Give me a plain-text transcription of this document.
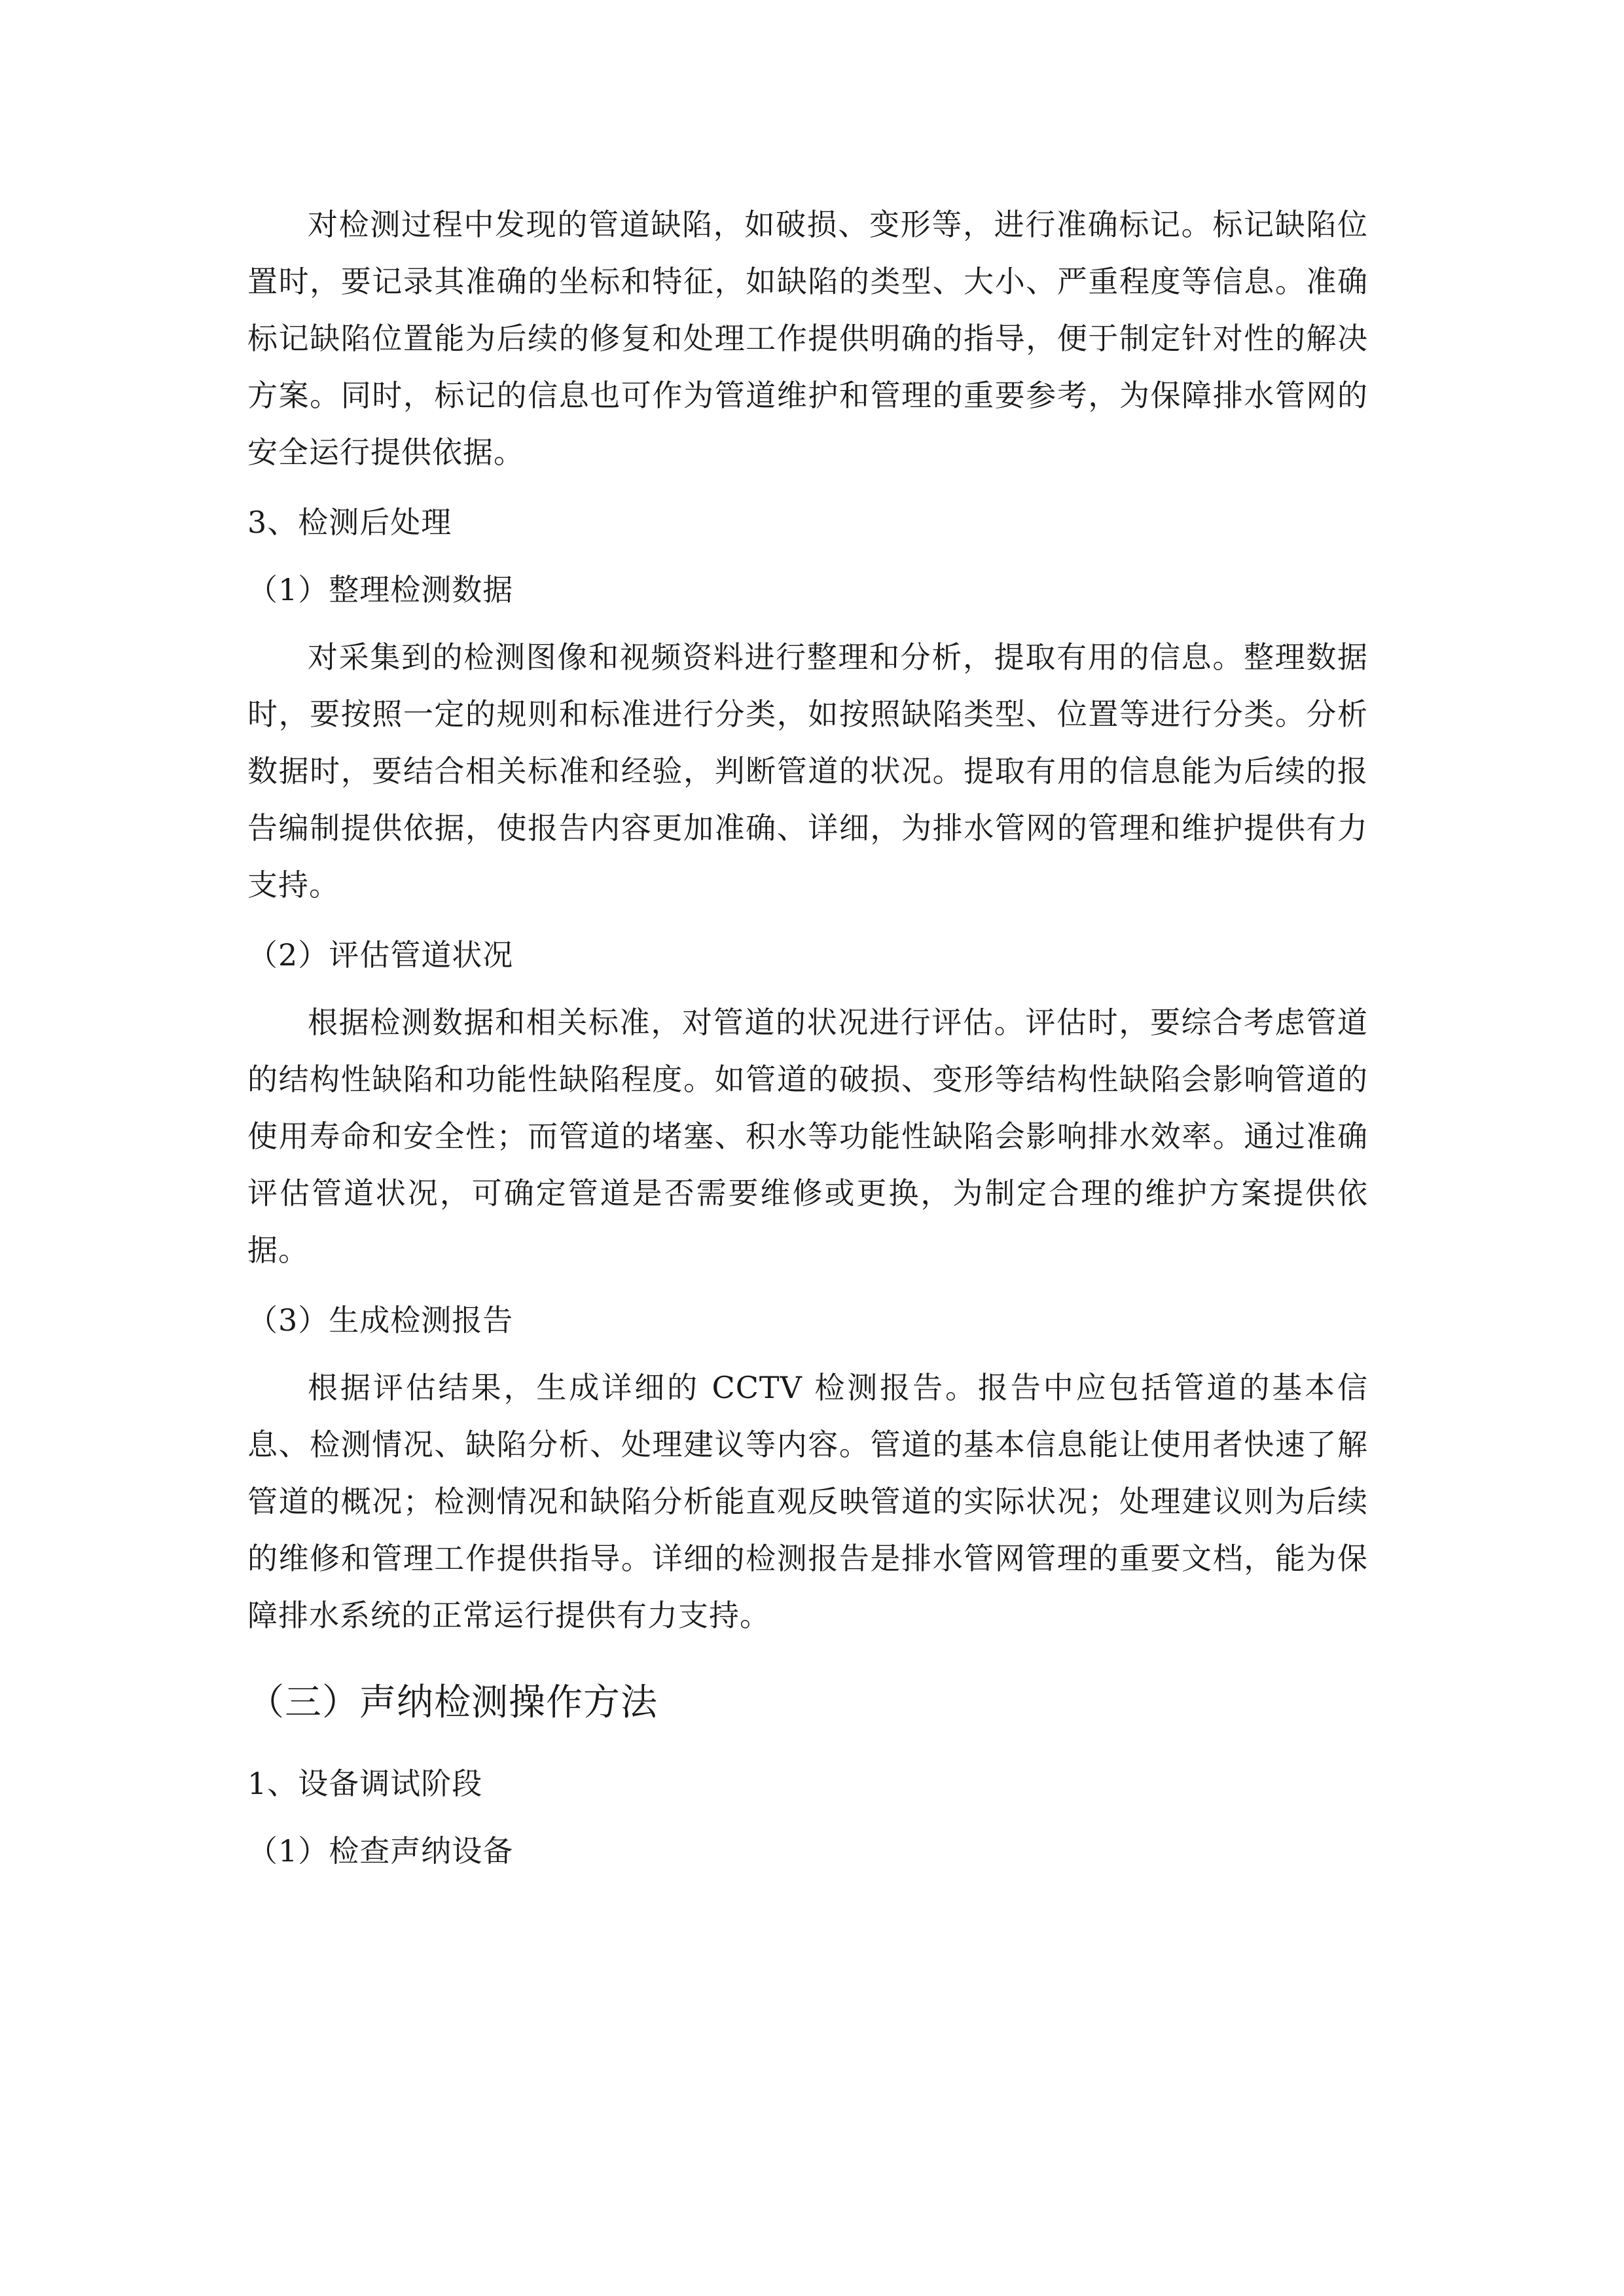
对检测过程中发现的管道缺陷，如破损、变形等，进行准确标记。标记缺陷位置时，要记录其准确的坐标和特征，如缺陷的类型、大小、严重程度等信息。准确标记缺陷位置能为后续的修复和处理工作提供明确的指导，便于制定针对性的解决方案。同时，标记的信息也可作为管道维护和管理的重要参考，为保障排水管网的安全运行提供依据。

3、检测后处理
（1）整理检测数据

对采集到的检测图像和视频资料进行整理和分析，提取有用的信息。整理数据时，要按照一定的规则和标准进行分类，如按照缺陷类型、位置等进行分类。分析数据时，要结合相关标准和经验，判断管道的状况。提取有用的信息能为后续的报告编制提供依据，使报告内容更加准确、详细，为排水管网的管理和维护提供有力支持。

（2）评估管道状况

根据检测数据和相关标准，对管道的状况进行评估。评估时，要综合考虑管道的结构性缺陷和功能性缺陷程度。如管道的破损、变形等结构性缺陷会影响管道的使用寿命和安全性；而管道的堵塞、积水等功能性缺陷会影响排水效率。通过准确评估管道状况，可确定管道是否需要维修或更换，为制定合理的维护方案提供依据。

（3）生成检测报告

根据评估结果，生成详细的 CCTV 检测报告。报告中应包括管道的基本信息、检测情况、缺陷分析、处理建议等内容。管道的基本信息能让使用者快速了解管道的概况；检测情况和缺陷分析能直观反映管道的实际状况；处理建议则为后续的维修和管理工作提供指导。详细的检测报告是排水管网管理的重要文档，能为保障排水系统的正常运行提供有力支持。

（三）声纳检测操作方法
1、设备调试阶段
（1）检查声纳设备
